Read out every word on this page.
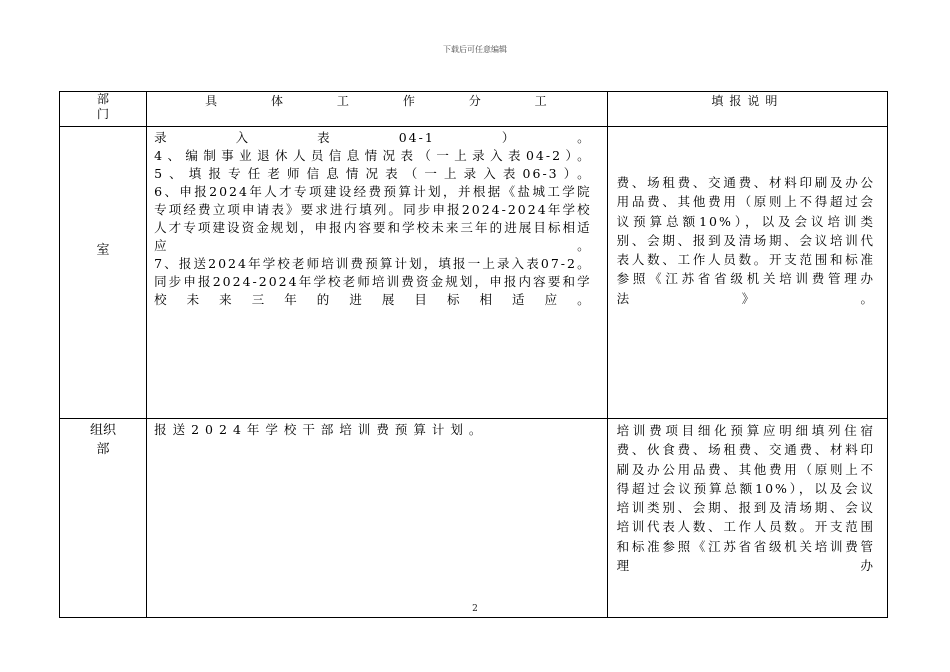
下载后可任意编辑
部
门	具体工作分工	填报说明

室	录入表04-1）。

4、编制事业退休人员信息情况表（一上录入表04-2）。

5、填报专任老师信息情况表（一上录入表06-3）。

6、申报2024年人才专项建设经费预算计划，并根据《盐城工学院专项经费立项申请表》要求进行填列。同步申报2024-2024年学校人才专项建设资金规划，申报内容要和学校未来三年的进展目标相适应。

7、报送2024年学校老师培训费预算计划，填报一上录入表07-2。同步申报2024-2024年学校老师培训费资金规划，申报内容要和学校未来三年的进展目标相适应。	费、场租费、交通费、材料印刷及办公用品费、其他费用（原则上不得超过会议预算总额10%），以及会议培训类别、会期、报到及清场期、会议培训代表人数、工作人员数。开支范围和标准参照《江苏省省级机关培训费管理办法》。

组织
部	报送2024年学校干部培训费预算计划。	培训费项目细化预算应明细填列住宿费、伙食费、场租费、交通费、材料印刷及办公用品费、其他费用（原则上不得超过会议预算总额10%），以及会议培训类别、会期、报到及清场期、会议培训代表人数、工作人员数。开支范围和标准参照《江苏省省级机关培训费管理办

2
